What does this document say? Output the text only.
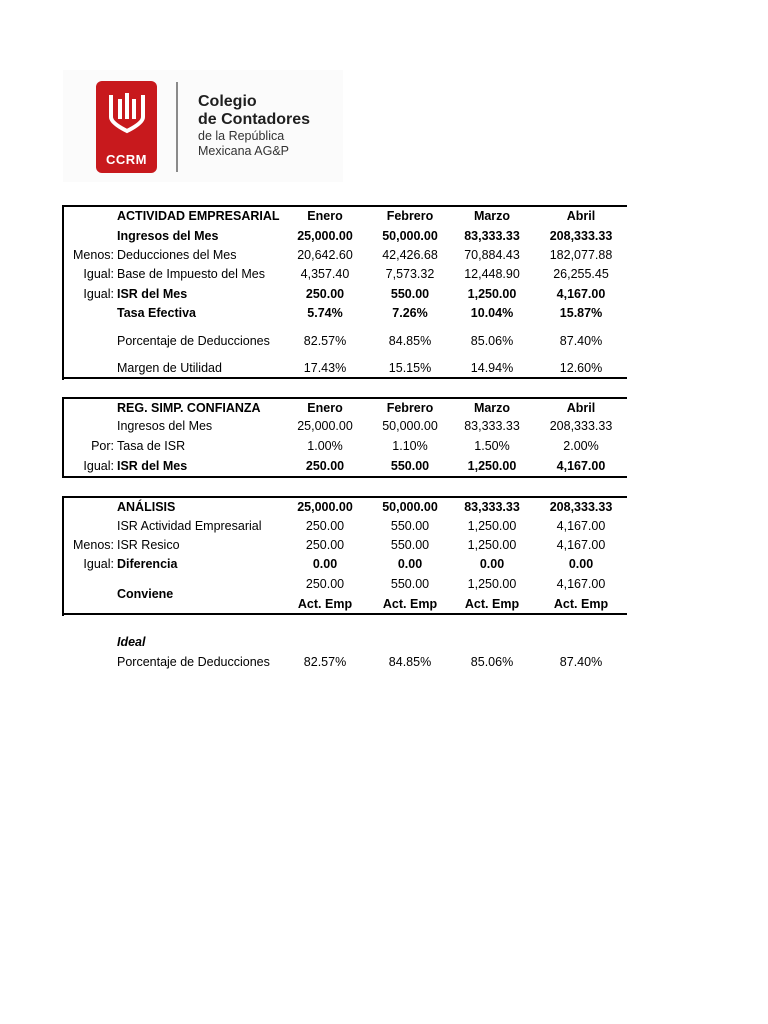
CCRM
Colegio
de Contadores
de la República
Mexicana AG&P
ACTIVIDAD EMPRESARIAL	Enero	Febrero	Marzo	Abril
Ingresos del Mes	25,000.00	50,000.00	83,333.33	208,333.33
Menos: Deducciones del Mes	20,642.60	42,426.68	70,884.43	182,077.88
Igual: Base de Impuesto del Mes	4,357.40	7,573.32	12,448.90	26,255.45
Igual: ISR del Mes	250.00	550.00	1,250.00	4,167.00
Tasa Efectiva	5.74%	7.26%	10.04%	15.87%
Porcentaje de Deducciones	82.57%	84.85%	85.06%	87.40%
Margen de Utilidad	17.43%	15.15%	14.94%	12.60%
REG. SIMP. CONFIANZA	Enero	Febrero	Marzo	Abril
Ingresos del Mes	25,000.00	50,000.00	83,333.33	208,333.33
Por: Tasa de ISR	1.00%	1.10%	1.50%	2.00%
Igual: ISR del Mes	250.00	550.00	1,250.00	4,167.00
ANÁLISIS	25,000.00	50,000.00	83,333.33	208,333.33
ISR Actividad Empresarial	250.00	550.00	1,250.00	4,167.00
Menos: ISR Resico	250.00	550.00	1,250.00	4,167.00
Igual: Diferencia	0.00	0.00	0.00	0.00
250.00	550.00	1,250.00	4,167.00
Conviene
Act. Emp	Act. Emp	Act. Emp	Act. Emp
Ideal
Porcentaje de Deducciones	82.57%	84.85%	85.06%	87.40%
